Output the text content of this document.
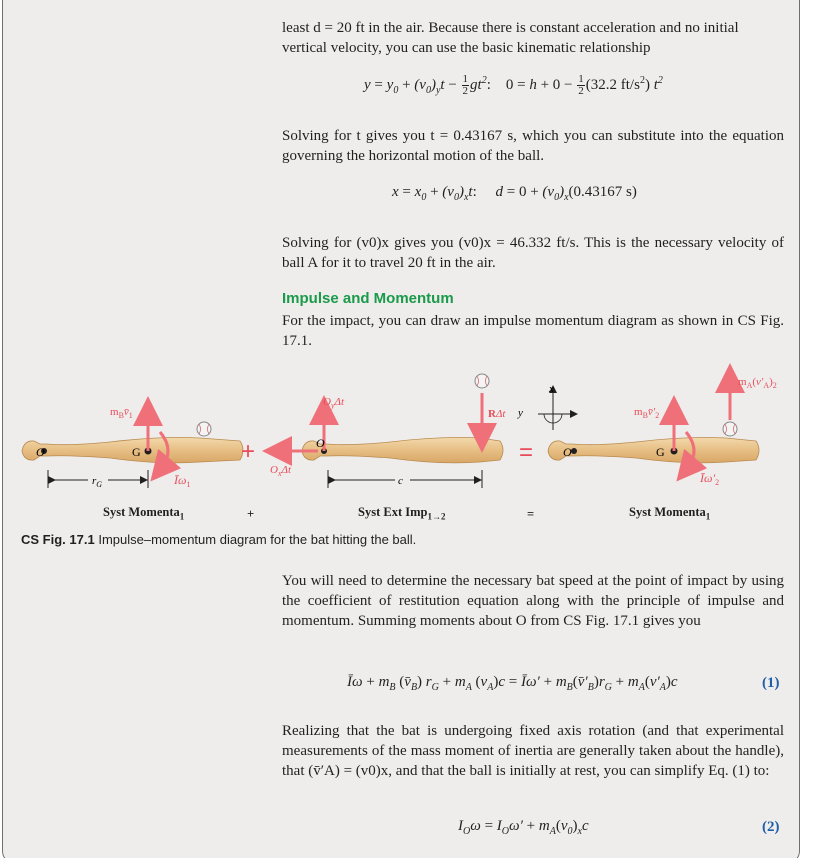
least d = 20 ft in the air. Because there is constant acceleration and no initial
vertical velocity, you can use the basic kinematic relationship
$y = y_0 + (v_0)_yt - \frac{1}{2} gt^2$: $0 = h + 0 - \frac{1}{2} (32.2$ $ft/s^2$) $t^2$
Solving for t gives you t = 0.43167 s, which you can substitute into the equation governing the horizontal motion of the ball.
$x = x_0 + (v_0)_xt$:     $d = 0 + (v_0)_x(0.43167$ s)
Solving for (v0)x gives you (v0)x = 46.332 ft/s. This is the necessary velocity of ball A for it to travel 20 ft in the air.
Impulse and Momentum
For the impact, you can draw an impulse momentum diagram as shown in CS Fig. 17.1.
O	G
$m_Bv̄_1$
$Ī\omega_1$
$r_G$
+	O
$O_y\Delta t$
$O_x\Delta t$
RΔt
c
y
x
= O	G
$m_Bv̄'_2$
$Ī\omega'_2$
$m_A(v'_A)_2$
Syst Momenta$_1$	+	Syst Ext Imp$_{1\to 2}$	=	Syst Momenta$_1$
CS Fig. 17.1 Impulse–momentum diagram for the bat hitting the ball.
You will need to determine the necessary bat speed at the point of impact by using the coefficient of restitution equation along with the principle of impulse and momentum. Summing moments about O from CS Fig. 17.1 gives you
Īω + $m_B$ $(v̄_B) r_G + m_A$ $(v_A)c$ = Īω′ + $m_B(v̄'_B)r_G + m_A(v'_A)c$	(1)
Realizing that the bat is undergoing fixed axis rotation (and that experimental measurements of the mass moment of inertia are generally taken about the handle), that (v̄′A) = (v0)x, and that the ball is initially at rest, you can simplify Eq. (1) to:
$I_O\omega = I_O\omega' + m_A(v_0)_xc$	(2)
